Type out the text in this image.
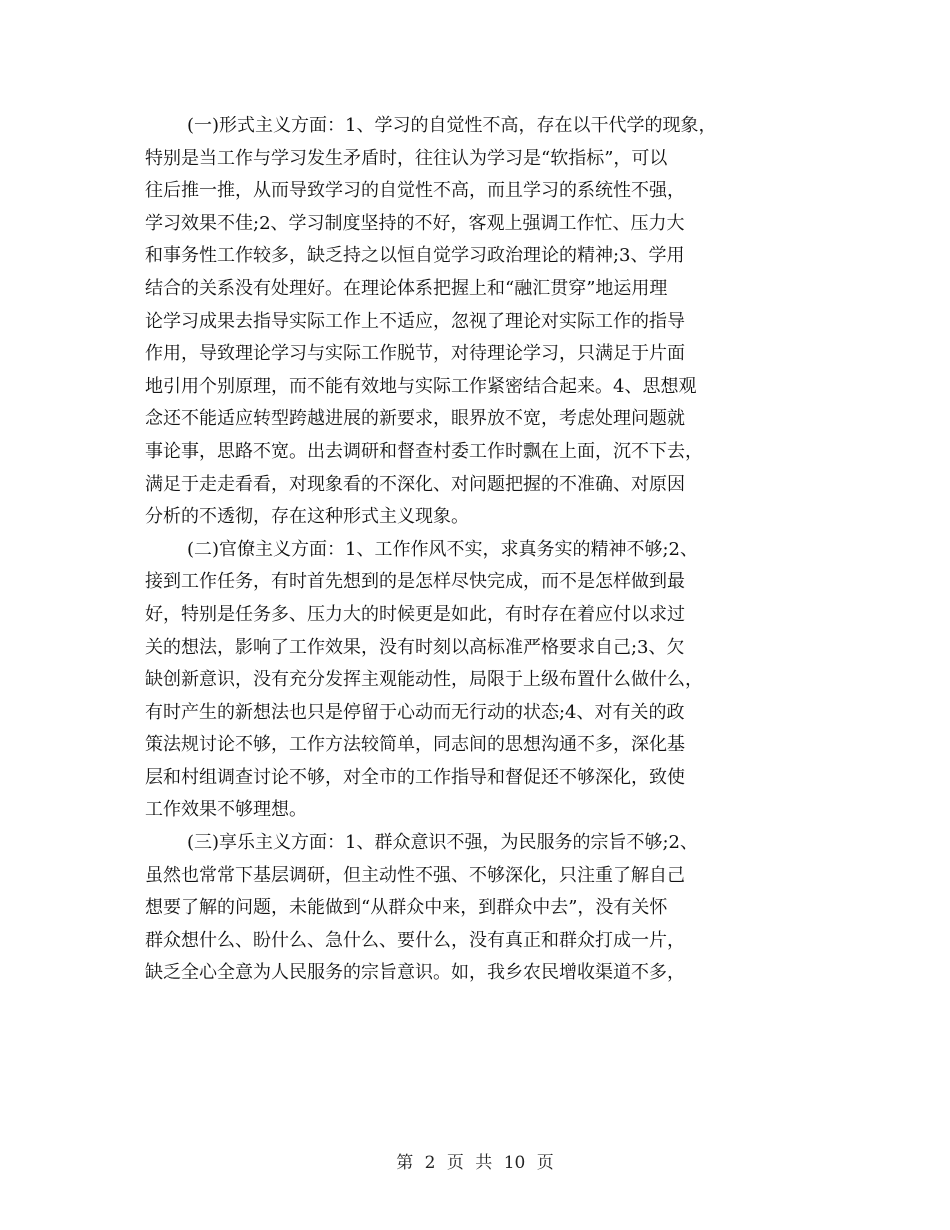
(一)形式主义方面：1、学习的自觉性不高，存在以干代学的现象，
特别是当工作与学习发生矛盾时，往往认为学习是“软指标”，可以
往后推一推，从而导致学习的自觉性不高，而且学习的系统性不强，
学习效果不佳;2、学习制度坚持的不好，客观上强调工作忙、压力大
和事务性工作较多，缺乏持之以恒自觉学习政治理论的精神;3、学用
结合的关系没有处理好。在理论体系把握上和“融汇贯穿”地运用理
论学习成果去指导实际工作上不适应，忽视了理论对实际工作的指导
作用，导致理论学习与实际工作脱节，对待理论学习，只满足于片面
地引用个别原理，而不能有效地与实际工作紧密结合起来。4、思想观
念还不能适应转型跨越进展的新要求，眼界放不宽，考虑处理问题就
事论事，思路不宽。出去调研和督查村委工作时飘在上面，沉不下去，
满足于走走看看，对现象看的不深化、对问题把握的不准确、对原因
分析的不透彻，存在这种形式主义现象。
(二)官僚主义方面：1、工作作风不实，求真务实的精神不够;2、
接到工作任务，有时首先想到的是怎样尽快完成，而不是怎样做到最
好，特别是任务多、压力大的时候更是如此，有时存在着应付以求过
关的想法，影响了工作效果，没有时刻以高标准严格要求自己;3、欠
缺创新意识，没有充分发挥主观能动性，局限于上级布置什么做什么，
有时产生的新想法也只是停留于心动而无行动的状态;4、对有关的政
策法规讨论不够，工作方法较简单，同志间的思想沟通不多，深化基
层和村组调查讨论不够，对全市的工作指导和督促还不够深化，致使
工作效果不够理想。
(三)享乐主义方面：1、群众意识不强，为民服务的宗旨不够;2、
虽然也常常下基层调研，但主动性不强、不够深化，只注重了解自己
想要了解的问题，未能做到“从群众中来，到群众中去”，没有关怀
群众想什么、盼什么、急什么、要什么，没有真正和群众打成一片，
缺乏全心全意为人民服务的宗旨意识。如，我乡农民增收渠道不多，
第 2 页 共 10 页
